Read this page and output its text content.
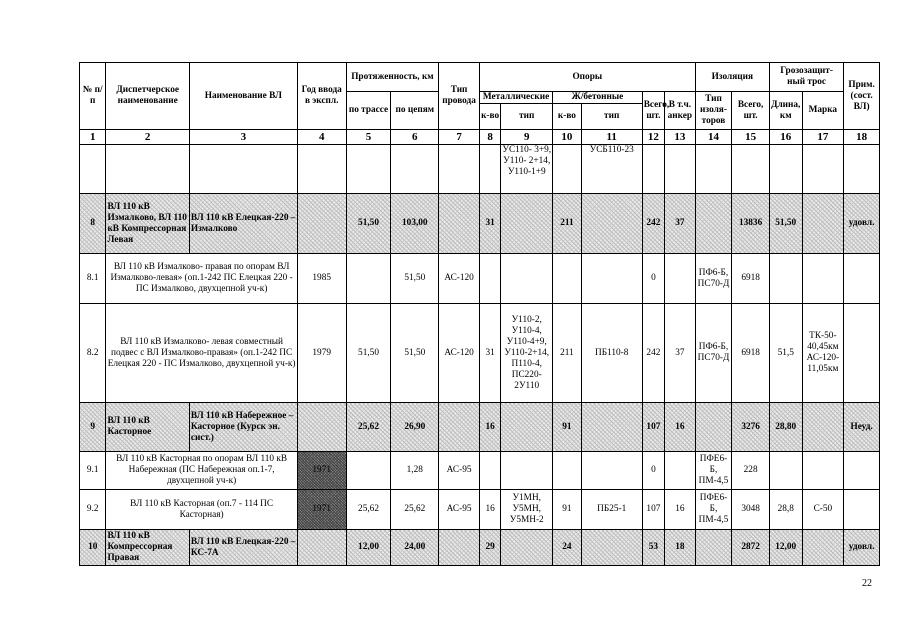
№ п/п	Диспетчерское наименование	Наименование ВЛ	Год ввода в экспл.	Протяженность, км		Тип провода	Опоры						Изоляция		Грозозащит- ный трос		Прим. (сост. ВЛ)
				по трассе	по цепям		Металлические		Ж/бетонные		Всего, шт.	В т.ч. анкер	Тип изоля- торов	Всего, шт.	Длина, км	Марка	
							к-во	тип	к-во	тип							
1	2	3	4	5	6	7	8	9	10	11	12	13	14	15	16	17	18
								УС110- 3+9, У110- 2+14, У110-1+9		УСБ110-23							
8	ВЛ 110 кВ Измалково, ВЛ 110 кВ Компрессорная Левая	ВЛ 110 кВ Елецкая-220 – Измалково		51,50	103,00		31		211		242	37		13836	51,50		удовл.
8.1	ВЛ 110 кВ Измалково- правая по опорам ВЛ Измалково-левая» (оп.1-242 ПС Елецкая 220 - ПС Измалково, двухцепной уч-к)		1985		51,50	АС-120					0		ПФ6-Б, ПС70-Д	6918			
8.2	ВЛ 110 кВ Измалково- левая совместный подвес с ВЛ Измалково-правая» (оп.1-242 ПС Елецкая 220 - ПС Измалково, двухцепной уч-к)		1979	51,50	51,50	АС-120	31	У110-2, У110-4, У110-4+9, У110-2+14, П110-4, ПС220-2У110	211	ПБ110-8	242	37	ПФ6-Б, ПС70-Д	6918	51,5	ТК-50-40,45км АС-120-11,05км	
9	ВЛ 110 кВ Касторное	ВЛ 110 кВ Набережное – Касторное (Курск эн. сист.)		25,62	26,90		16		91		107	16		3276	28,80		Неуд.
9.1	ВЛ 110 кВ Касторная по опорам ВЛ 110 кВ Набережная (ПС Набережная оп.1-7, двухцепной уч-к)		1971		1,28	АС-95					0		ПФЕ6-Б, ПМ-4,5	228			
9.2	ВЛ 110 кВ Касторная (оп.7 - 114 ПС Касторная)		1971	25,62	25,62	АС-95	16	У1МН, У5МН, У5МН-2	91	ПБ25-1	107	16	ПФЕ6-Б, ПМ-4,5	3048	28,8	С-50	
10	ВЛ 110 кВ Компрессорная Правая	ВЛ 110 кВ Елецкая-220 – КС-7А		12,00	24,00		29		24		53	18		2872	12,00		удовл.
22
